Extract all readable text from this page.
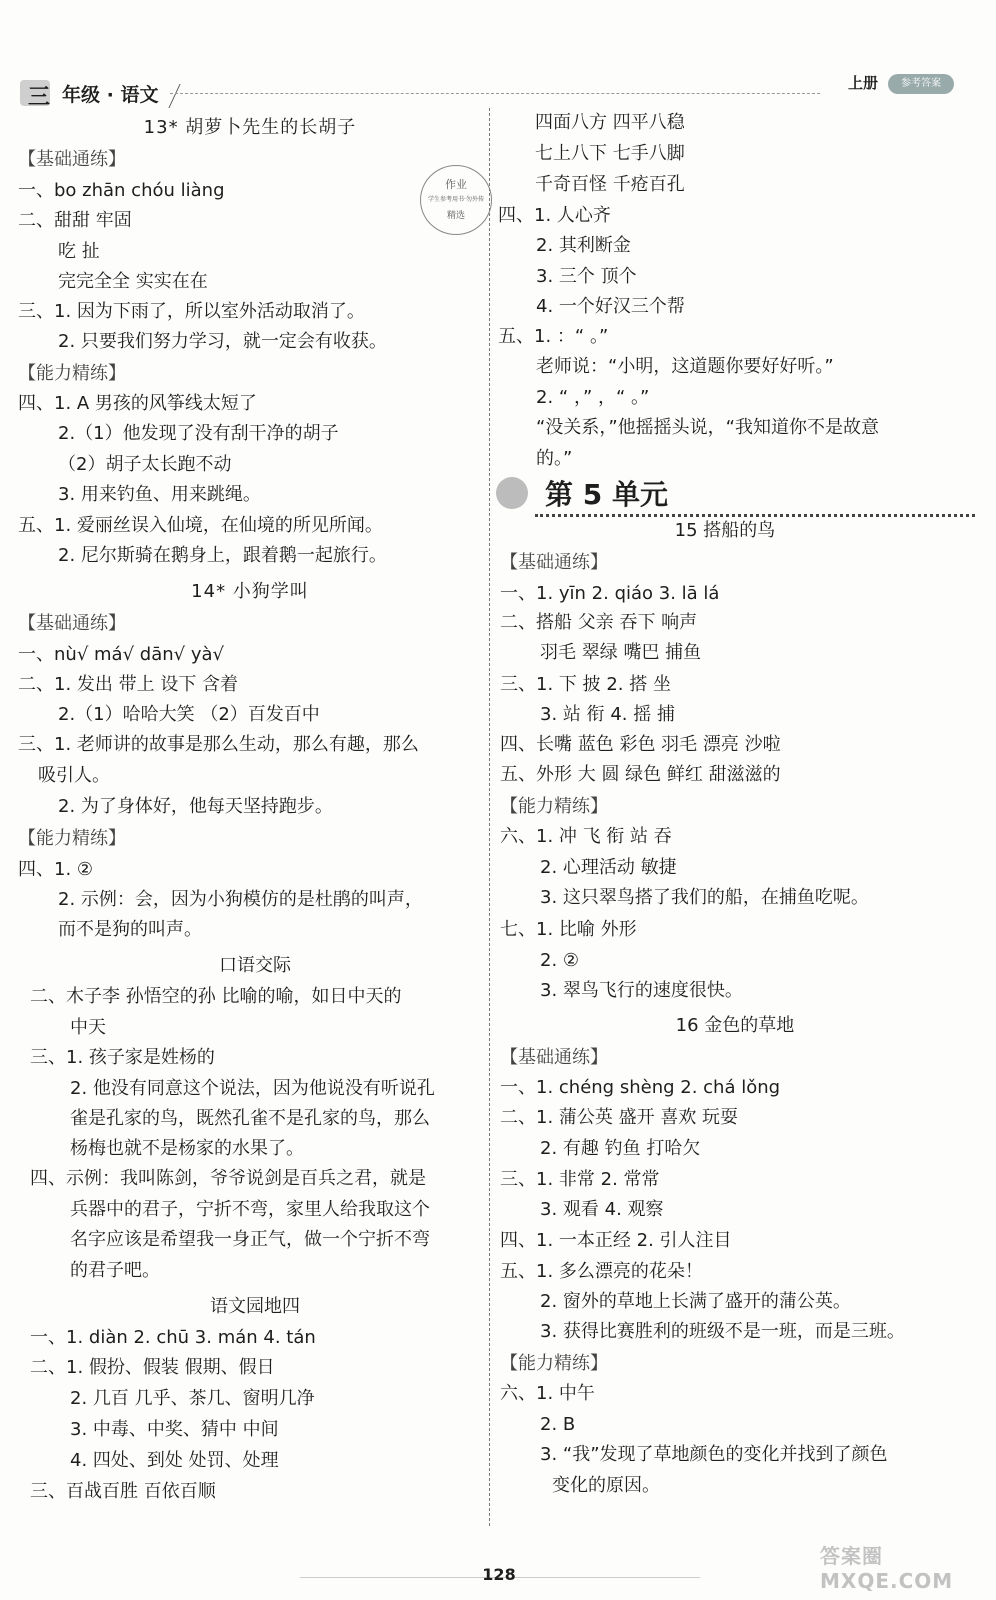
三 年级 · 语文
上册	参考答案
作业
学生参考用书·勿外传
精选
13* 胡萝卜先生的长胡子
【基础通练】
一、bo zhān chóu liàng
二、甜甜 牢固
吃 扯
完完全全 实实在在
三、1. 因为下雨了，所以室外活动取消了。
2. 只要我们努力学习，就一定会有收获。
【能力精练】
四、1. A 男孩的风筝线太短了
2.（1）他发现了没有刮干净的胡子
（2）胡子太长跑不动
3. 用来钓鱼、用来跳绳。
五、1. 爱丽丝误入仙境，在仙境的所见所闻。
2. 尼尔斯骑在鹅身上，跟着鹅一起旅行。
14* 小狗学叫
【基础通练】
一、nù√ má√ dān√ yà√
二、1. 发出 带上 设下 含着
2.（1）哈哈大笑 （2）百发百中
三、1. 老师讲的故事是那么生动，那么有趣，那么
吸引人。
2. 为了身体好，他每天坚持跑步。
【能力精练】
四、1. ②
2. 示例：会，因为小狗模仿的是杜鹃的叫声，
而不是狗的叫声。
口语交际
二、木子李 孙悟空的孙 比喻的喻，如日中天的
中天
三、1. 孩子家是姓杨的
2. 他没有同意这个说法，因为他说没有听说孔
雀是孔家的鸟，既然孔雀不是孔家的鸟，那么
杨梅也就不是杨家的水果了。
四、示例：我叫陈剑，爷爷说剑是百兵之君，就是
兵器中的君子，宁折不弯，家里人给我取这个
名字应该是希望我一身正气，做一个宁折不弯
的君子吧。
语文园地四
一、1. diàn 2. chū 3. mán 4. tán
二、1. 假扮、假装 假期、假日
2. 几百 几乎、茶几、窗明几净
3. 中毒、中奖、猜中 中间
4. 四处、到处 处罚、处理
三、百战百胜 百依百顺
四面八方 四平八稳
七上八下 七手八脚
千奇百怪 千疮百孔
四、1. 人心齐
2. 其利断金
3. 三个 顶个
4. 一个好汉三个帮
五、1. ：“ 。”
老师说：“小明，这道题你要好好听。”
2. “ ，” ，“ 。”
“没关系，”他摇摇头说，“我知道你不是故意
的。”
第 5 单元
15 搭船的鸟
【基础通练】
一、1. yīn 2. qiáo 3. lā lá
二、搭船 父亲 吞下 响声
羽毛 翠绿 嘴巴 捕鱼
三、1. 下 披 2. 搭 坐
3. 站 衔 4. 摇 捕
四、长嘴 蓝色 彩色 羽毛 漂亮 沙啦
五、外形 大 圆 绿色 鲜红 甜滋滋的
【能力精练】
六、1. 冲 飞 衔 站 吞
2. 心理活动 敏捷
3. 这只翠鸟搭了我们的船，在捕鱼吃呢。
七、1. 比喻 外形
2. ②
3. 翠鸟飞行的速度很快。
16 金色的草地
【基础通练】
一、1. chéng shèng 2. chá lǒng
二、1. 蒲公英 盛开 喜欢 玩耍
2. 有趣 钓鱼 打哈欠
三、1. 非常 2. 常常
3. 观看 4. 观察
四、1. 一本正经 2. 引人注目
五、1. 多么漂亮的花朵！
2. 窗外的草地上长满了盛开的蒲公英。
3. 获得比赛胜利的班级不是一班，而是三班。
【能力精练】
六、1. 中午
2. B
3. “我”发现了草地颜色的变化并找到了颜色
变化的原因。
128
答案圈 MXQE.COM
